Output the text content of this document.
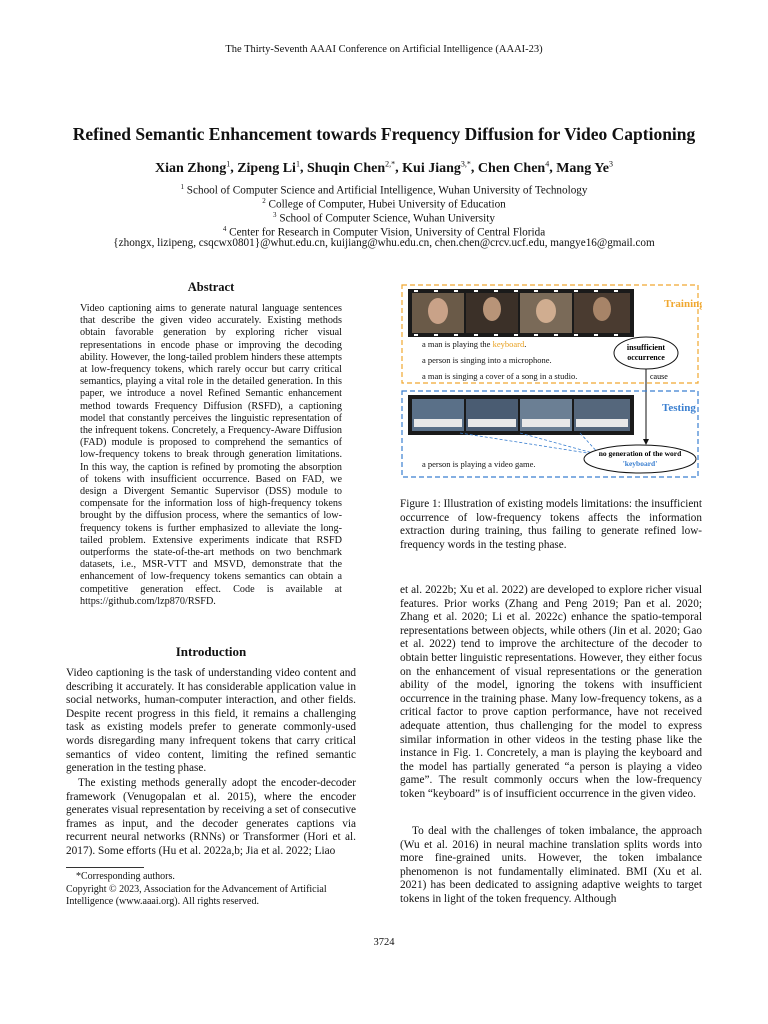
The Thirty-Seventh AAAI Conference on Artificial Intelligence (AAAI-23)
Refined Semantic Enhancement towards Frequency Diffusion for Video Captioning
Xian Zhong$^1$, Zipeng Li$^1$, Shuqin Chen$^{2,*}$, Kui Jiang$^{3,*}$, Chen Chen$^4$, Mang Ye$^3$
$^1$ School of Computer Science and Artificial Intelligence, Wuhan University of Technology
$^2$ College of Computer, Hubei University of Education
$^3$ School of Computer Science, Wuhan University
$^4$ Center for Research in Computer Vision, University of Central Florida
{zhongx, lizipeng, csqcwx0801}@whut.edu.cn, kuijiang@whu.edu.cn, chen.chen@crcv.ucf.edu, mangye16@gmail.com
Abstract

Video captioning aims to generate natural language sentences that describe the given video accurately. Existing methods obtain favorable generation by exploring richer visual representations in encode phase or improving the decoding ability. However, the long-tailed problem hinders these attempts at low-frequency tokens, which rarely occur but carry critical semantics, playing a vital role in the detailed generation. In this paper, we introduce a novel Refined Semantic enhancement method towards Frequency Diffusion (RSFD), a captioning model that constantly perceives the linguistic representation of the infrequent tokens. Concretely, a Frequency-Aware Diffusion (FAD) module is proposed to comprehend the semantics of low-frequency tokens to break through generation limitations. In this way, the caption is refined by promoting the absorption of tokens with insufficient occurrence. Based on FAD, we design a Divergent Semantic Supervisor (DSS) module to compensate for the information loss of high-frequency tokens brought by the diffusion process, where the semantics of low-frequency tokens is further emphasized to alleviate the long-tailed problem. Extensive experiments indicate that RSFD outperforms the state-of-the-art methods on two benchmark datasets, i.e., MSR-VTT and MSVD, demonstrate that the enhancement of low-frequency tokens semantics can obtain a competitive generation effect. Code is available at https://github.com/lzp870/RSFD.

Introduction

Video captioning is the task of understanding video content and describing it accurately. It has considerable application value in social networks, human-computer interaction, and other fields. Despite recent progress in this field, it remains a challenging task as existing models prefer to generate commonly-used words disregarding many infrequent tokens that carry critical semantics of video content, limiting the refined semantic generation in the testing phase.

The existing methods generally adopt the encoder-decoder framework (Venugopalan et al. 2015), where the encoder generates visual representation by receiving a set of consecutive frames as input, and the decoder generates captions via recurrent neural networks (RNNs) or Transformer (Hori et al. 2017). Some efforts (Hu et al. 2022a,b; Jia et al. 2022; Liao

*Corresponding authors.
Copyright © 2023, Association for the Advancement of Artificial Intelligence (www.aaai.org). All rights reserved.
Training
a man is playing the keyboard.
a person is singing into a microphone.
a man is singing a cover of a song in a studio.
insufficient
occurrence
cause
Testing
a person is playing a video game.
no generation of the word
'keyboard'
Figure 1: Illustration of existing models limitations: the insufficient occurrence of low-frequency tokens affects the information extraction during training, thus failing to generate refined low-frequency words in the testing phase.

et al. 2022b; Xu et al. 2022) are developed to explore richer visual features. Prior works (Zhang and Peng 2019; Pan et al. 2020; Zhang et al. 2020; Li et al. 2022c) enhance the spatio-temporal representations between objects, while others (Jin et al. 2020; Gao et al. 2022) tend to improve the architecture of the decoder to obtain better linguistic representations. However, they either focus on the enhancement of visual representations or the generation ability of the model, ignoring the tokens with insufficient occurrence in the training phase. Many low-frequency tokens, as a critical factor to prove caption performance, have not received adequate attention, thus challenging for the model to express similar information in other videos in the testing phase like the instance in Fig. 1. Concretely, a man is playing the keyboard and the model has partially generated “a person is playing a video game”. The result commonly occurs when the low-frequency token “keyboard” is of insufficient occurrence in the given video.

To deal with the challenges of token imbalance, the approach (Wu et al. 2016) in neural machine translation splits words into more fine-grained units. However, the token imbalance phenomenon is not fundamentally eliminated. BMI (Xu et al. 2021) has been dedicated to assigning adaptive weights to target tokens in light of the token frequency. Although

3724
